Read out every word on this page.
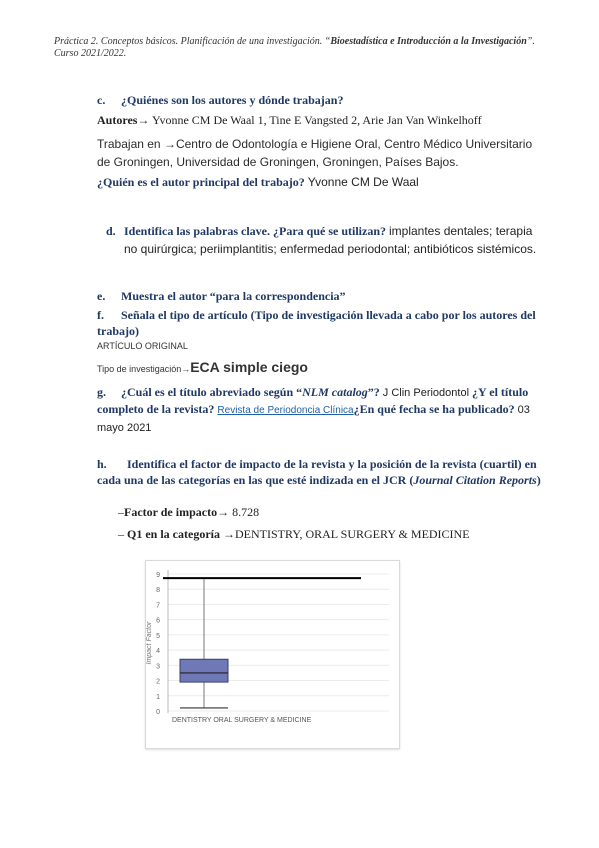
Práctica 2. Conceptos básicos. Planificación de una investigación. “Bioestadística e Introducción a la Investigación”.
Curso 2021/2022.
c. ¿Quiénes son los autores y dónde trabajan?
Autores→ Yvonne CM De Waal 1, Tine E Vangsted 2, Arie Jan Van Winkelhoff
Trabajan en →Centro de Odontología e Higiene Oral, Centro Médico Universitario
de Groningen, Universidad de Groningen, Groningen, Países Bajos.
¿Quién es el autor principal del trabajo? Yvonne CM De Waal
d. Identifica las palabras clave. ¿Para qué se utilizan? implantes dentales; terapia
no quirúrgica; periimplantitis; enfermedad periodontal; antibióticos sistémicos.
e. Muestra el autor “para la correspondencia”
f. Señala el tipo de artículo (Tipo de investigación llevada a cabo por los autores del
trabajo)
ARTÍCULO ORIGINAL
Tipo de investigación→ECA simple ciego
g. ¿Cuál es el título abreviado según “NLM catalog”? J Clin Periodontol ¿Y el título
completo de la revista? Revista de Periodoncia Clínica¿En qué fecha se ha publicado? 03
mayo 2021
h. Identifica el factor de impacto de la revista y la posición de la revista (cuartil) en
cada una de las categorías en las que esté indizada en el JCR (Journal Citation Reports)
–Factor de impacto→ 8.728
– Q1 en la categoría →DENTISTRY, ORAL SURGERY & MEDICINE
0
1
2
3
4
5
6
7
8
9
Impact Factor
DENTISTRY ORAL SURGERY & MEDICINE
